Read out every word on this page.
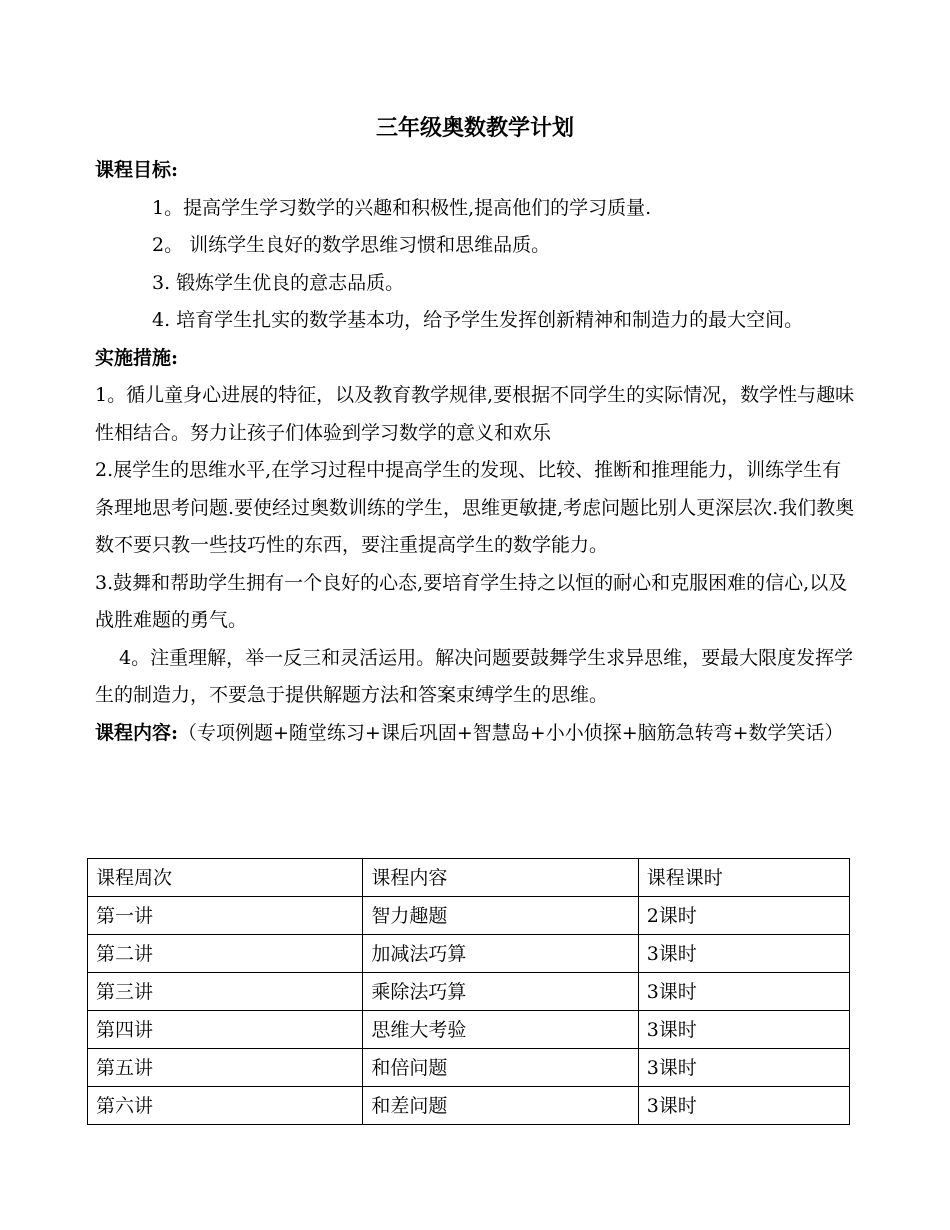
三年级奥数教学计划

课程目标:

1。提高学生学习数学的兴趣和积极性,提高他们的学习质量.

2。 训练学生良好的数学思维习惯和思维品质。

3. 锻炼学生优良的意志品质。

4. 培育学生扎实的数学基本功，给予学生发挥创新精神和制造力的最大空间。

实施措施:

1。循儿童身心进展的特征，以及教育教学规律,要根据不同学生的实际情况，数学性与趣味性相结合。努力让孩子们体验到学习数学的意义和欢乐

2.展学生的思维水平,在学习过程中提高学生的发现、比较、推断和推理能力，训练学生有条理地思考问题.要使经过奥数训练的学生，思维更敏捷,考虑问题比别人更深层次.我们教奥数不要只教一些技巧性的东西，要注重提高学生的数学能力。

3.鼓舞和帮助学生拥有一个良好的心态,要培育学生持之以恒的耐心和克服困难的信心,以及战胜难题的勇气。

4。注重理解，举一反三和灵活运用。解决问题要鼓舞学生求异思维，要最大限度发挥学生的制造力，不要急于提供解题方法和答案束缚学生的思维。

课程内容:（专项例题+随堂练习+课后巩固+智慧岛+小小侦探+脑筋急转弯+数学笑话）

课程周次	课程内容	课程课时
第一讲	智力趣题	2课时
第二讲	加减法巧算	3课时
第三讲	乘除法巧算	3课时
第四讲	思维大考验	3课时
第五讲	和倍问题	3课时
第六讲	和差问题	3课时
